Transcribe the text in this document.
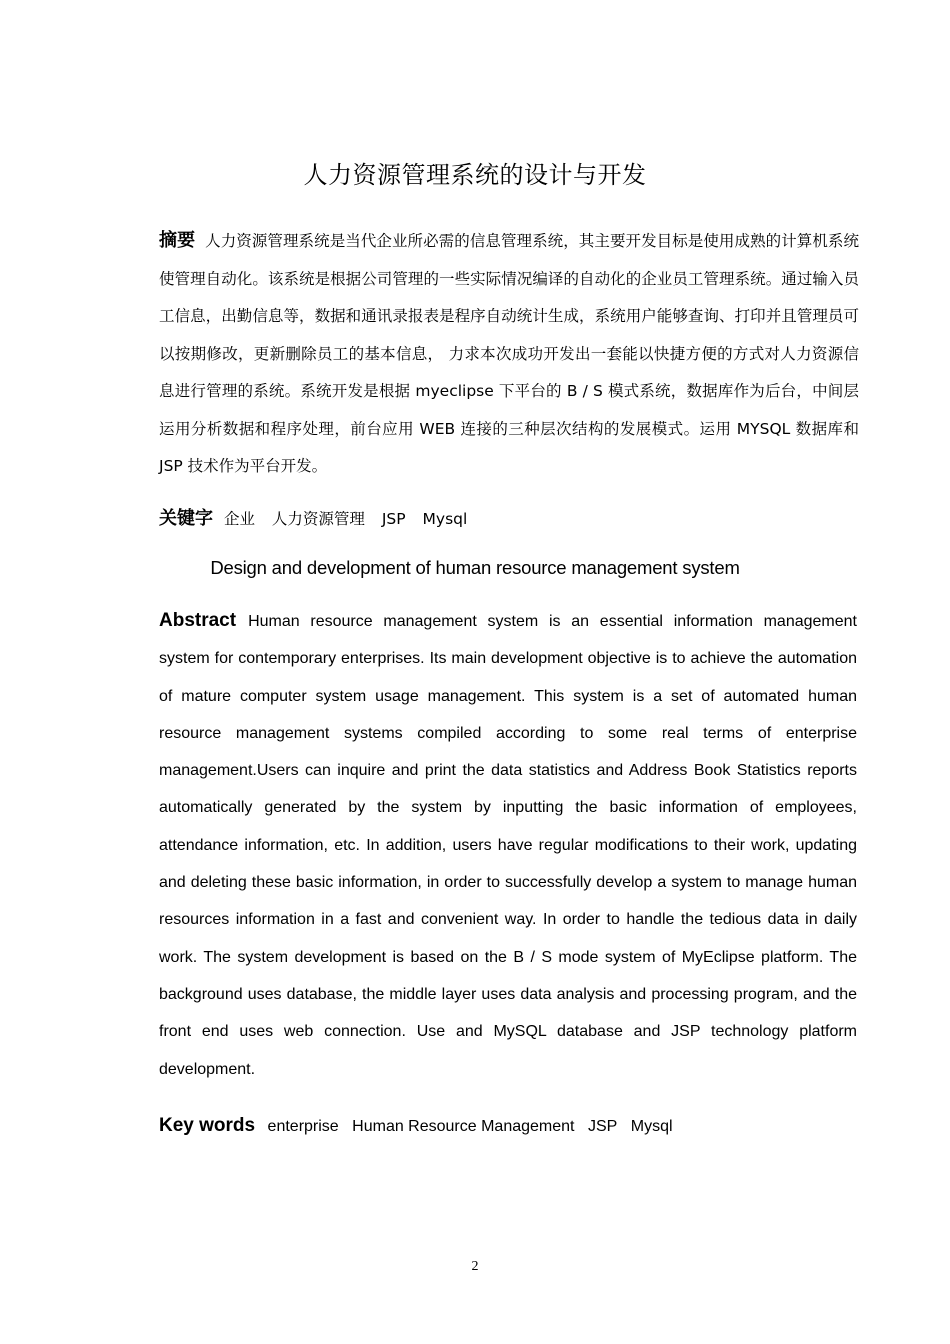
人力资源管理系统的设计与开发
摘要 人力资源管理系统是当代企业所必需的信息管理系统，其主要开发目标是使用成熟的计算机系统使管理自动化。该系统是根据公司管理的一些实际情况编译的自动化的企业员工管理系统。通过输入员工信息，出勤信息等，数据和通讯录报表是程序自动统计生成，系统用户能够查询、打印并且管理员可以按期修改，更新删除员工的基本信息， 力求本次成功开发出一套能以快捷方便的方式对人力资源信息进行管理的系统。系统开发是根据 myeclipse 下平台的 B / S 模式系统，数据库作为后台，中间层运用分析数据和程序处理，前台应用 WEB 连接的三种层次结构的发展模式。运用 MYSQL 数据库和 JSP 技术作为平台开发。
关键字 企业 人力资源管理 JSP Mysql
Design and development of human resource management system
Abstract Human resource management system is an essential information management system for contemporary enterprises. Its main development objective is to achieve the automation of mature computer system usage management. This system is a set of automated human resource management systems compiled according to some real terms of enterprise management.Users can inquire and print the data statistics and Address Book Statistics reports automatically generated by the system by inputting the basic information of employees, attendance information, etc. In addition, users have regular modifications to their work, updating and deleting these basic information, in order to successfully develop a system to manage human resources information in a fast and convenient way. In order to handle the tedious data in daily work. The system development is based on the B / S mode system of MyEclipse platform. The background uses database, the middle layer uses data analysis and processing program, and the front end uses web connection. Use and MySQL database and JSP technology platform development.
Key words enterprise Human Resource Management JSP Mysql
2
